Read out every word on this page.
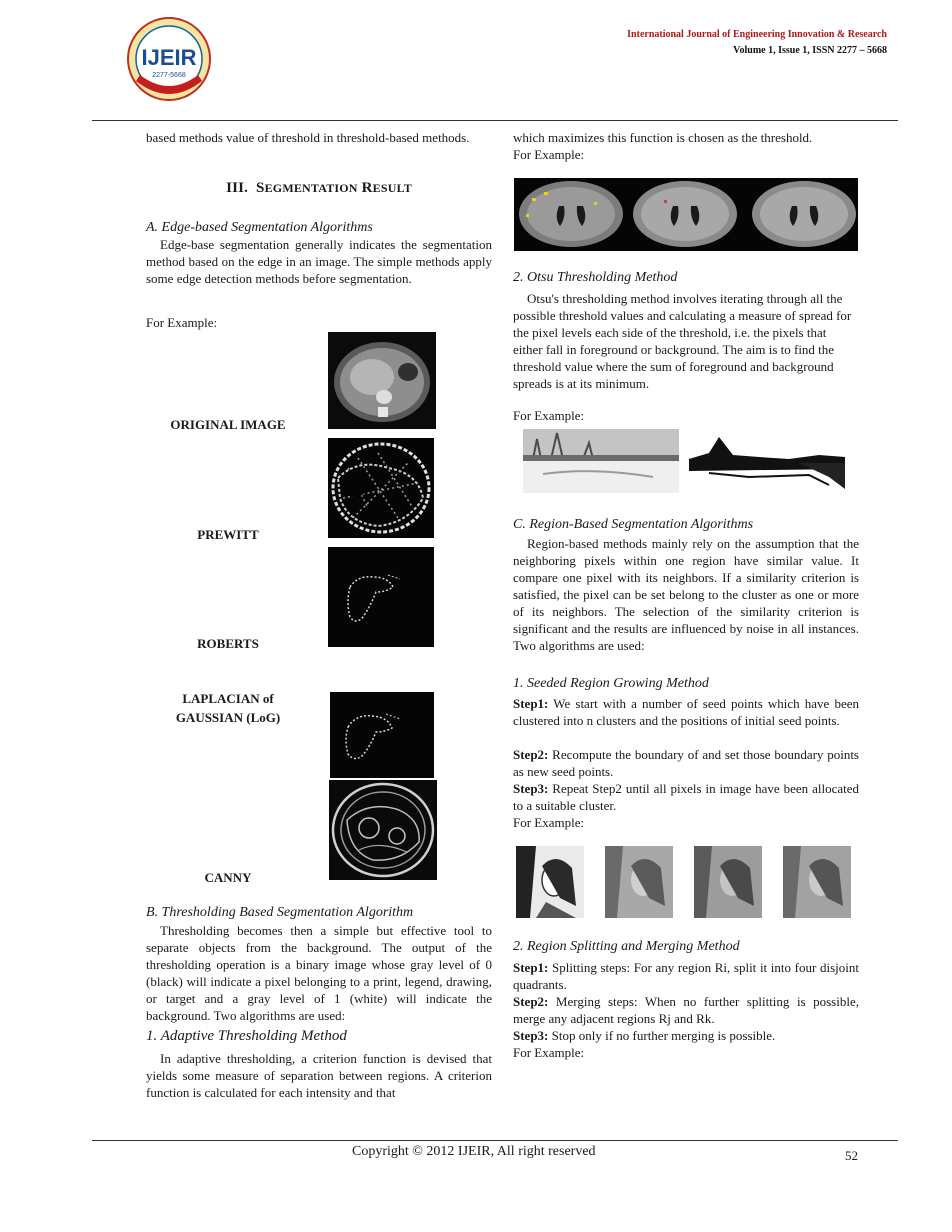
IJEIR
2277-5668
International Journal of Engineering Innovation & Research
Volume 1, Issue 1, ISSN 2277 – 5668

based methods value of threshold in threshold-based methods.

III. SEGMENTATION RESULT
A. Edge-based Segmentation Algorithms
Edge-base segmentation generally indicates the segmentation method based on the edge in an image. The simple methods apply some edge detection methods before segmentation.
For Example:
ORIGINAL IMAGE
PREWITT
ROBERTS
LAPLACIAN of
GAUSSIAN (LoG)
CANNY
B. Thresholding Based Segmentation Algorithm
Thresholding becomes then a simple but effective tool to separate objects from the background. The output of the thresholding operation is a binary image whose gray level of 0 (black) will indicate a pixel belonging to a print, legend, drawing, or target and a gray level of 1 (white) will indicate the background. Two algorithms are used:
1. Adaptive Thresholding Method
In adaptive thresholding, a criterion function is devised that yields some measure of separation between regions. A criterion function is calculated for each intensity and that
which maximizes this function is chosen as the threshold.
For Example:
2. Otsu Thresholding Method
Otsu's thresholding method involves iterating through all the possible threshold values and calculating a measure of spread for the pixel levels each side of the threshold, i.e. the pixels that either fall in foreground or background. The aim is to find the threshold value where the sum of foreground and background spreads is at its minimum.
For Example:
C. Region-Based Segmentation Algorithms
Region-based methods mainly rely on the assumption that the neighboring pixels within one region have similar value. It compare one pixel with its neighbors. If a similarity criterion is satisfied, the pixel can be set belong to the cluster as one or more of its neighbors. The selection of the similarity criterion is significant and the results are influenced by noise in all instances. Two algorithms are used:
1. Seeded Region Growing Method
Step1: We start with a number of seed points which have been clustered into n clusters and the positions of initial seed points.
Step2: Recompute the boundary of and set those boundary points as new seed points.
Step3: Repeat Step2 until all pixels in image have been allocated to a suitable cluster.
For Example:
2. Region Splitting and Merging Method
Step1: Splitting steps: For any region Ri, split it into four disjoint quadrants.
Step2: Merging steps: When no further splitting is possible, merge any adjacent regions Rj and Rk.
Step3: Stop only if no further merging is possible.
For Example:
Copyright © 2012 IJEIR, All right reserved	52
